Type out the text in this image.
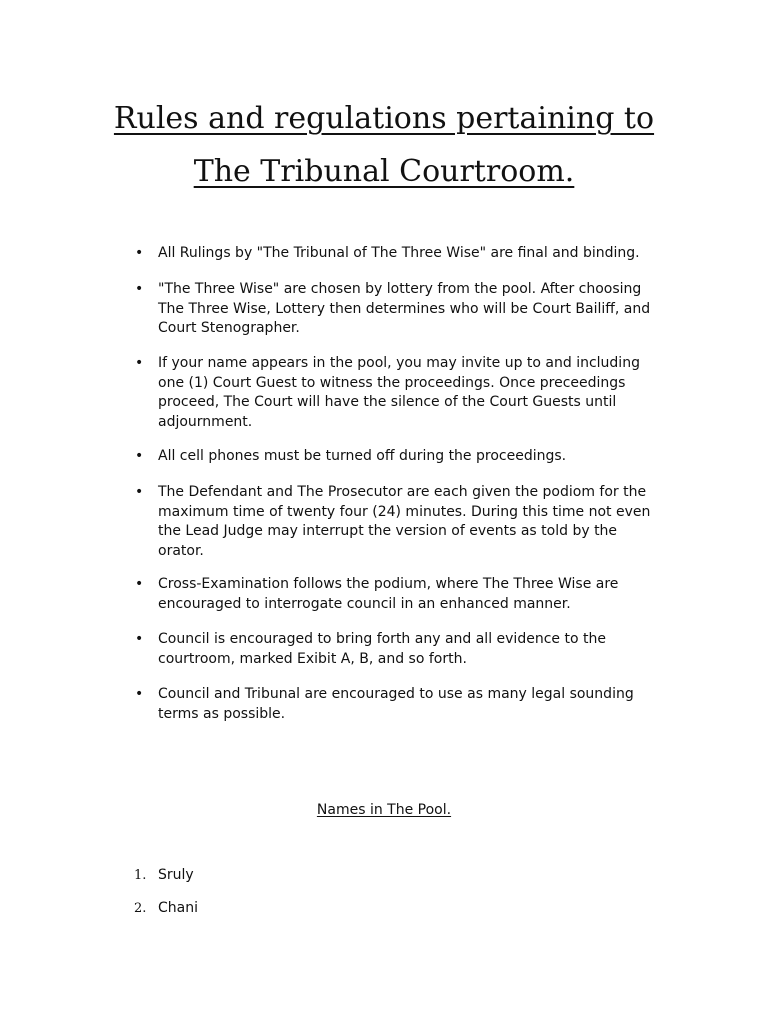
Rules and regulations pertaining to
The Tribunal Courtroom.
• All Rulings by "The Tribunal of The Three Wise" are final and binding.
• "The Three Wise" are chosen by lottery from the pool. After choosing The Three Wise, Lottery then determines who will be Court Bailiff, and Court Stenographer.
• If your name appears in the pool, you may invite up to and including one (1) Court Guest to witness the proceedings. Once preceedings proceed, The Court will have the silence of the Court Guests until adjournment.
• All cell phones must be turned off during the proceedings.
• The Defendant and The Prosecutor are each given the podiom for the maximum time of twenty four (24) minutes. During this time not even the Lead Judge may interrupt the version of events as told by the orator.
• Cross-Examination follows the podium, where The Three Wise are encouraged to interrogate council in an enhanced manner.
• Council is encouraged to bring forth any and all evidence to the courtroom, marked Exibit A, B, and so forth.
• Council and Tribunal are encouraged to use as many legal sounding terms as possible.
Names in The Pool.
1. Sruly
2. Chani
